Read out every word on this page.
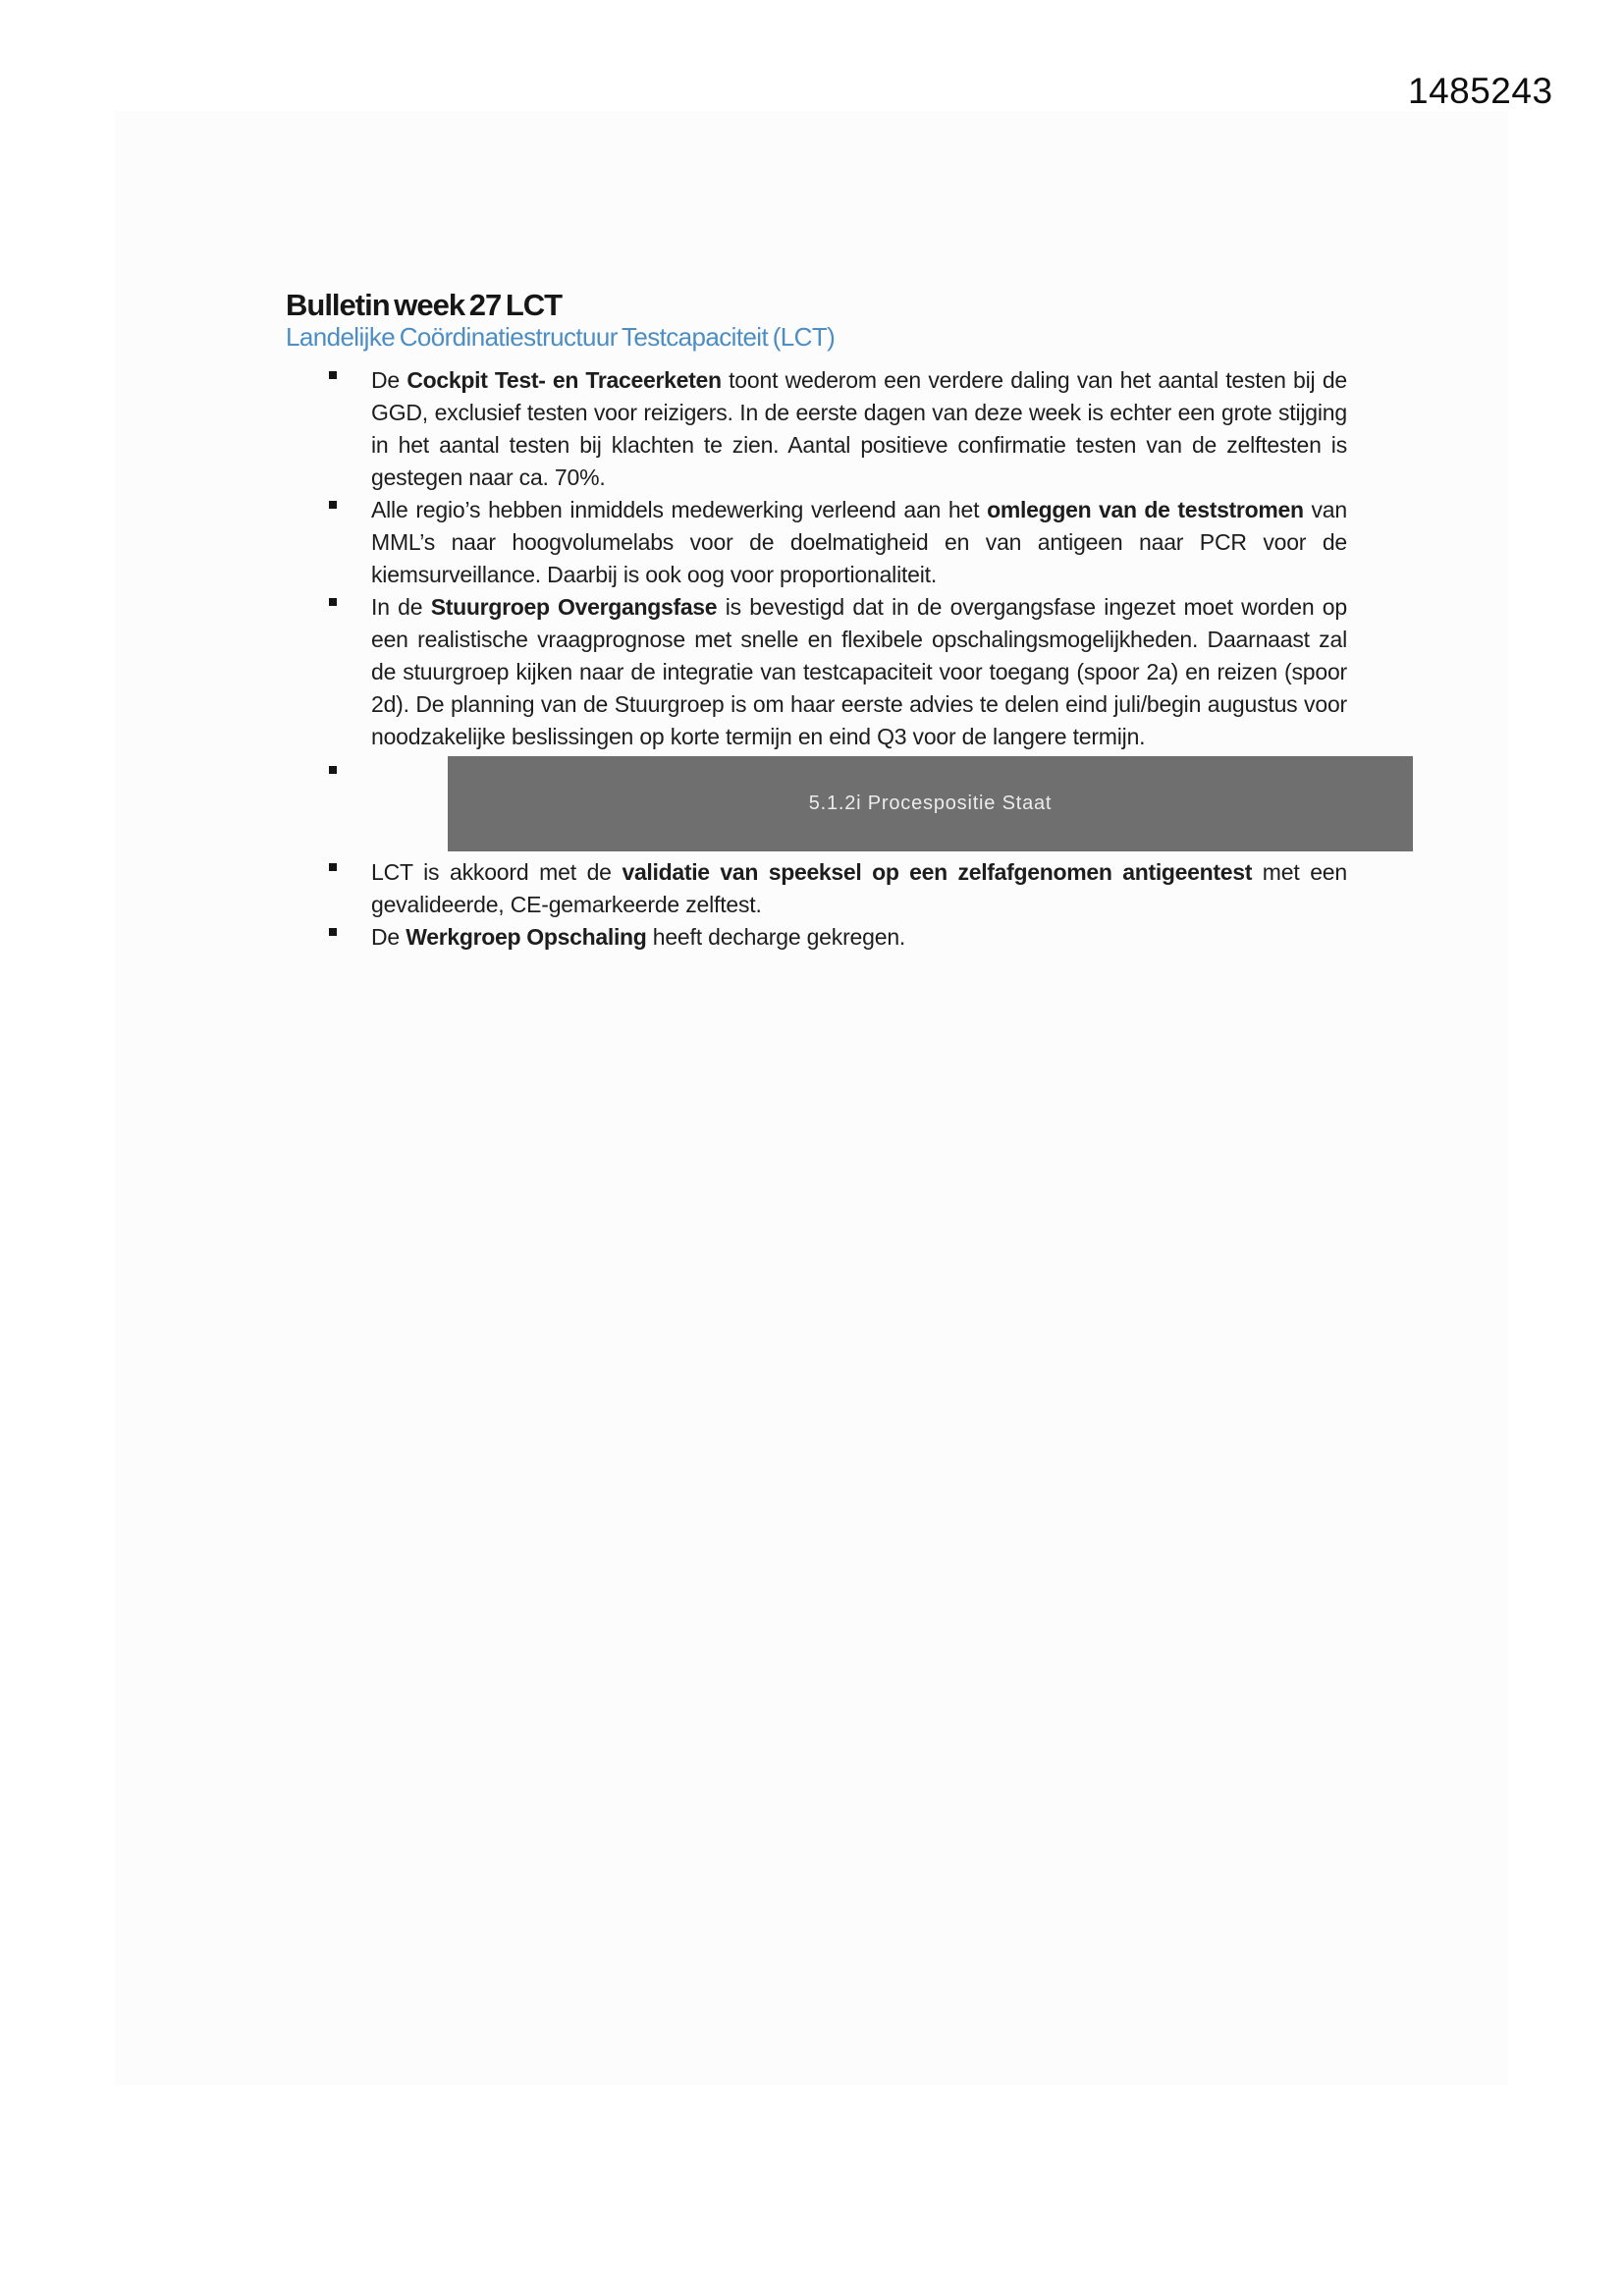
1485243
Bulletin week 27 LCT
Landelijke Coördinatiestructuur Testcapaciteit (LCT)
De Cockpit Test- en Traceerketen toont wederom een verdere daling van het aantal testen bij de GGD, exclusief testen voor reizigers. In de eerste dagen van deze week is echter een grote stijging in het aantal testen bij klachten te zien. Aantal positieve confirmatie testen van de zelftesten is gestegen naar ca. 70%.
Alle regio’s hebben inmiddels medewerking verleend aan het omleggen van de teststromen van MML’s naar hoogvolumelabs voor de doelmatigheid en van antigeen naar PCR voor de kiemsurveillance. Daarbij is ook oog voor proportionaliteit.
In de Stuurgroep Overgangsfase is bevestigd dat in de overgangsfase ingezet moet worden op een realistische vraagprognose met snelle en flexibele opschalingsmogelijkheden. Daarnaast zal de stuurgroep kijken naar de integratie van testcapaciteit voor toegang (spoor 2a) en reizen (spoor 2d). De planning van de Stuurgroep is om haar eerste advies te delen eind juli/begin augustus voor noodzakelijke beslissingen op korte termijn en eind Q3 voor de langere termijn.
5.1.2i Procespositie Staat
LCT is akkoord met de validatie van speeksel op een zelfafgenomen antigeentest met een gevalideerde, CE-gemarkeerde zelftest.
De Werkgroep Opschaling heeft decharge gekregen.
